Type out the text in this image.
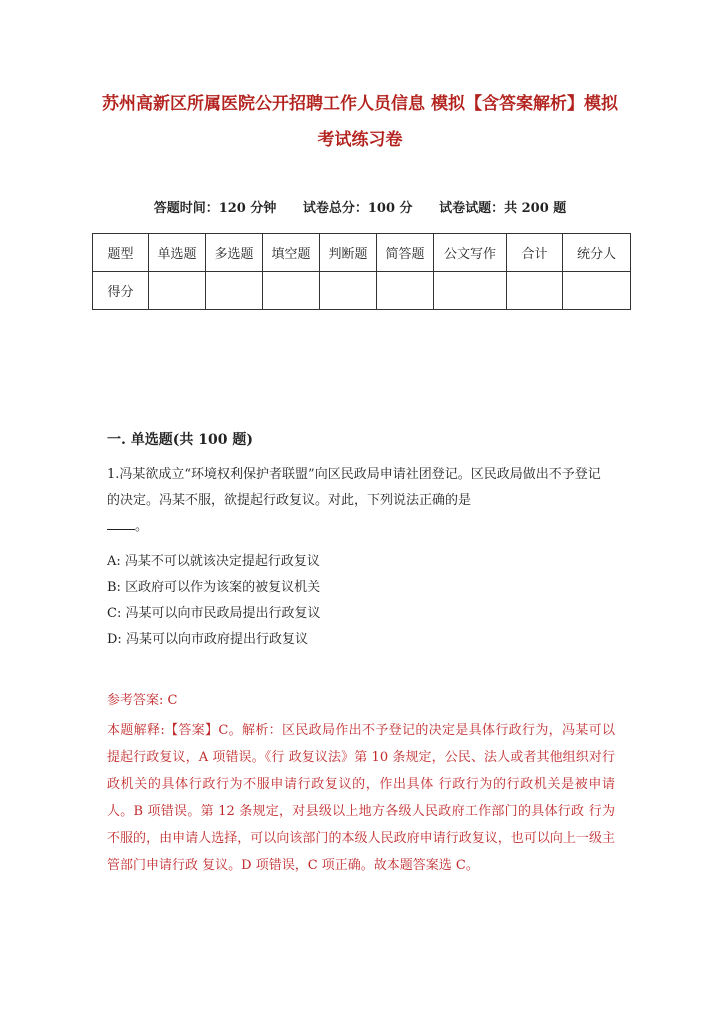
苏州高新区所属医院公开招聘工作人员信息 模拟【含答案解析】模拟考试练习卷
答题时间：120 分钟 试卷总分：100 分 试卷试题：共 200 题
题型	单选题	多选题	填空题	判断题	简答题	公文写作	合计	统分人
得分								
一. 单选题(共 100 题)

1.冯某欲成立“环境权利保护者联盟”向区民政局申请社团登记。区民政局做出不予登记 的决定。冯某不服，欲提起行政复议。对此，下列说法正确的是
。

A: 冯某不可以就该决定提起行政复议
B: 区政府可以作为该案的被复议机关
C: 冯某可以向市民政局提出行政复议
D: 冯某可以向市政府提出行政复议
参考答案: C

本题解释:【答案】C。解析：区民政局作出不予登记的决定是具体行政行为，冯某可以提起行政复议，A 项错误。《行 政复议法》第 10 条规定，公民、法人或者其他组织对行政机关的具体行政行为不服申请行政复议的，作出具体 行政行为的行政机关是被申请人。B 项错误。第 12 条规定，对县级以上地方各级人民政府工作部门的具体行政 行为不服的，由申请人选择，可以向该部门的本级人民政府申请行政复议，也可以向上一级主管部门申请行政 复议。D 项错误，C 项正确。故本题答案选 C。
